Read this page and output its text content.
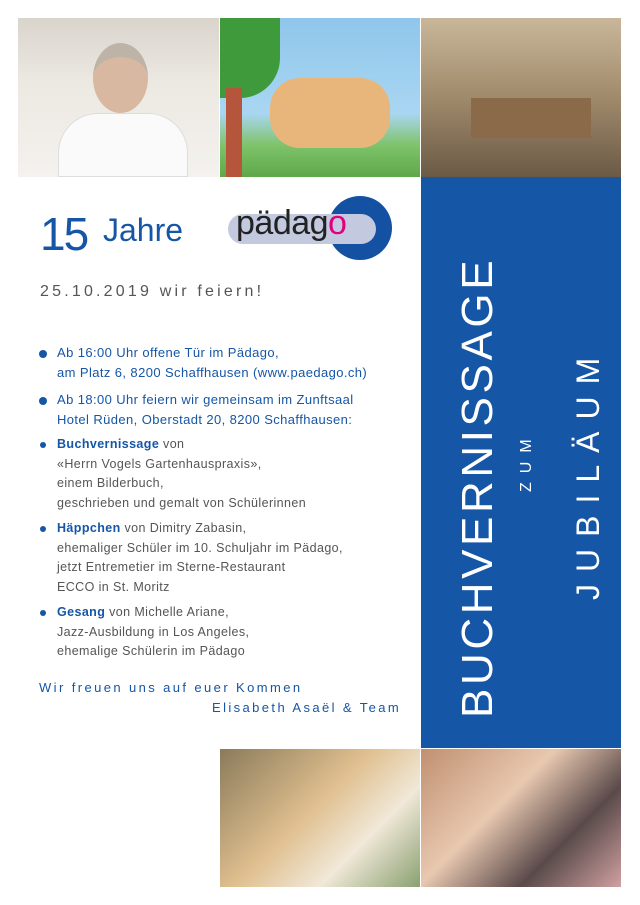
BUCHVERNISSAGE ZUM JUBILÄUM
15 Jahre pädago
25.10.2019 wir feiern!
Ab 16:00 Uhr offene Tür im Pädago,
am Platz 6, 8200 Schaffhausen (www.paedago.ch)
Ab 18:00 Uhr feiern wir gemeinsam im Zunftsaal
Hotel Rüden, Oberstadt 20, 8200 Schaffhausen:
Buchvernissage von
«Herrn Vogels Gartenhauspraxis»,
einem Bilderbuch,
geschrieben und gemalt von Schülerinnen
Häppchen von Dimitry Zabasin,
ehemaliger Schüler im 10. Schuljahr im Pädago,
jetzt Entremetier im Sterne-Restaurant
ECCO in St. Moritz
Gesang von Michelle Ariane,
Jazz-Ausbildung in Los Angeles,
ehemalige Schülerin im Pädago
Wir freuen uns auf euer Kommen
Elisabeth Asaël & Team
